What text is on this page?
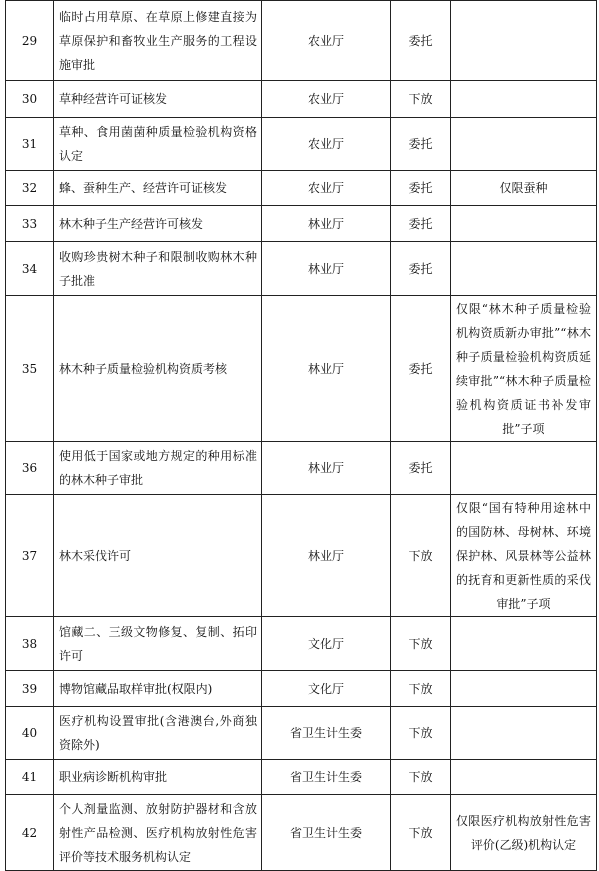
29	临时占用草原、在草原上修建直接为草原保护和畜牧业生产服务的工程设施审批	农业厅	委托	
30	草种经营许可证核发	农业厅	下放	
31	草种、食用菌菌种质量检验机构资格认定	农业厅	委托	
32	蜂、蚕种生产、经营许可证核发	农业厅	委托	仅限蚕种
33	林木种子生产经营许可核发	林业厅	委托	
34	收购珍贵树木种子和限制收购林木种子批准	林业厅	委托	
35	林木种子质量检验机构资质考核	林业厅	委托	仅限“林木种子质量检验机构资质新办审批”“林木种子质量检验机构资质延续审批”“林木种子质量检验机构资质证书补发审批”子项
36	使用低于国家或地方规定的种用标准的林木种子审批	林业厅	委托	
37	林木采伐许可	林业厅	下放	仅限“国有特种用途林中的国防林、母树林、环境保护林、风景林等公益林的抚育和更新性质的采伐审批”子项
38	馆藏二、三级文物修复、复制、拓印许可	文化厅	下放	
39	博物馆藏品取样审批(权限内)	文化厅	下放	
40	医疗机构设置审批(含港澳台,外商独资除外)	省卫生计生委	下放	
41	职业病诊断机构审批	省卫生计生委	下放	
42	个人剂量监测、放射防护器材和含放射性产品检测、医疗机构放射性危害评价等技术服务机构认定	省卫生计生委	下放	仅限医疗机构放射性危害评价(乙级)机构认定
